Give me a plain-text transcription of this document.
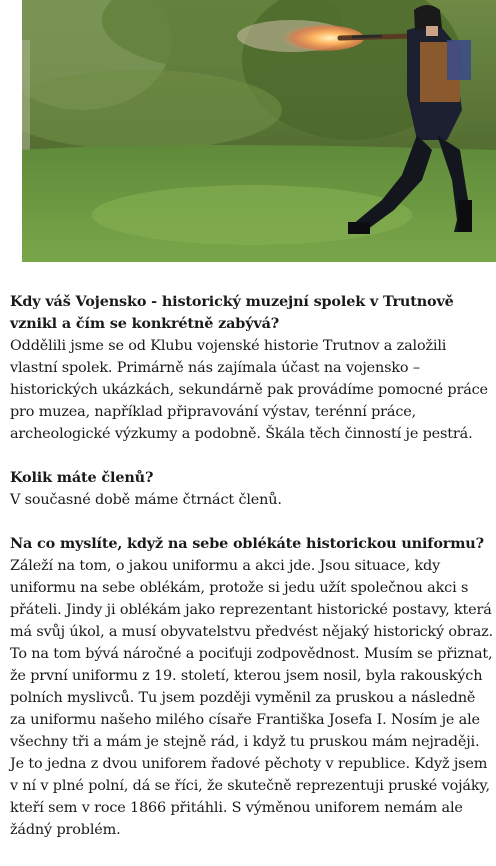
Kdy váš Vojensko - historický muzejní spolek v Trutnově vznikl a čím se konkrétně zabývá?

Oddělili jsme se od Klubu vojenské historie Trutnov a založili vlastní spolek. Primárně nás zajímala účast na vojensko – historických ukázkách, sekundárně pak provádíme pomocné práce pro muzea, například připravování výstav, terénní práce, archeologické výzkumy a podobně. Škála těch činností je pestrá.

Kolik máte členů?

V současné době máme čtrnáct členů.

Na co myslíte, když na sebe oblékáte historickou uniformu?

Záleží na tom, o jakou uniformu a akci jde. Jsou situace, kdy uniformu na sebe oblékám, protože si jedu užít společnou akci s přáteli. Jindy ji oblékám jako reprezentant historické postavy, která má svůj úkol, a musí obyvatelstvu předvést nějaký historický obraz. To na tom bývá náročné a pociťuji zodpovědnost. Musím se přiznat, že první uniformu z 19. století, kterou jsem nosil, byla rakouských polních myslivců. Tu jsem později vyměnil za pruskou a následně za uniformu našeho milého císaře Františka Josefa I. Nosím je ale všechny tři a mám je stejně rád, i když tu pruskou mám nejraději. Je to jedna z dvou uniforem řadové pěchoty v republice. Když jsem v ní v plné polní, dá se říci, že skutečně reprezentuji pruské vojáky, kteří sem v roce 1866 přitáhli. S výměnou uniforem nemám ale žádný problém.
